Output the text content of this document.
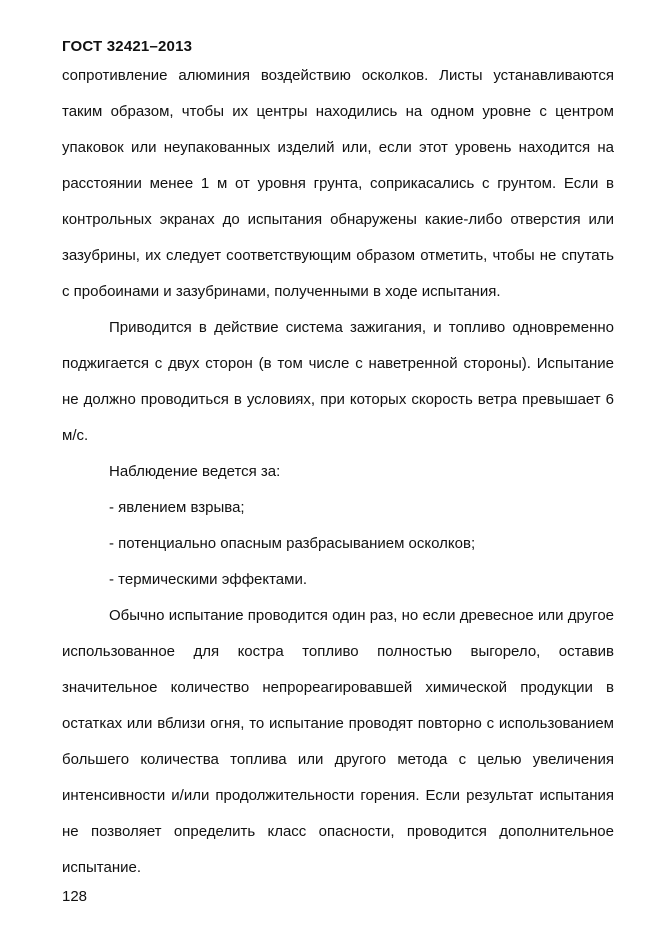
ГОСТ 32421–2013

сопротивление алюминия воздействию осколков. Листы устанавливаются таким образом, чтобы их центры находились на одном уровне с центром упаковок или неупакованных изделий или, если этот уровень находится на расстоянии менее 1 м от уровня грунта, соприкасались с грунтом. Если в контрольных экранах до испытания обнаружены какие-либо отверстия или зазубрины, их следует соответствующим образом отметить, чтобы не спутать с пробоинами и зазубринами, полученными в ходе испытания.

Приводится в действие система зажигания, и топливо одновременно поджигается с двух сторон (в том числе с наветренной стороны). Испытание не должно проводиться в условиях, при которых скорость ветра превышает 6 м/с.

Наблюдение ведется за:

- явлением взрыва;

- потенциально опасным разбрасыванием осколков;

- термическими эффектами.

Обычно испытание проводится один раз, но если древесное или другое использованное для костра топливо полностью выгорело, оставив значительное количество непрореагировавшей химической продукции в остатках или вблизи огня, то испытание проводят повторно с использованием большего количества топлива или другого метода с целью увеличения интенсивности и/или продолжительности горения. Если результат испытания не позволяет определить класс опасности, проводится дополнительное испытание.

128
